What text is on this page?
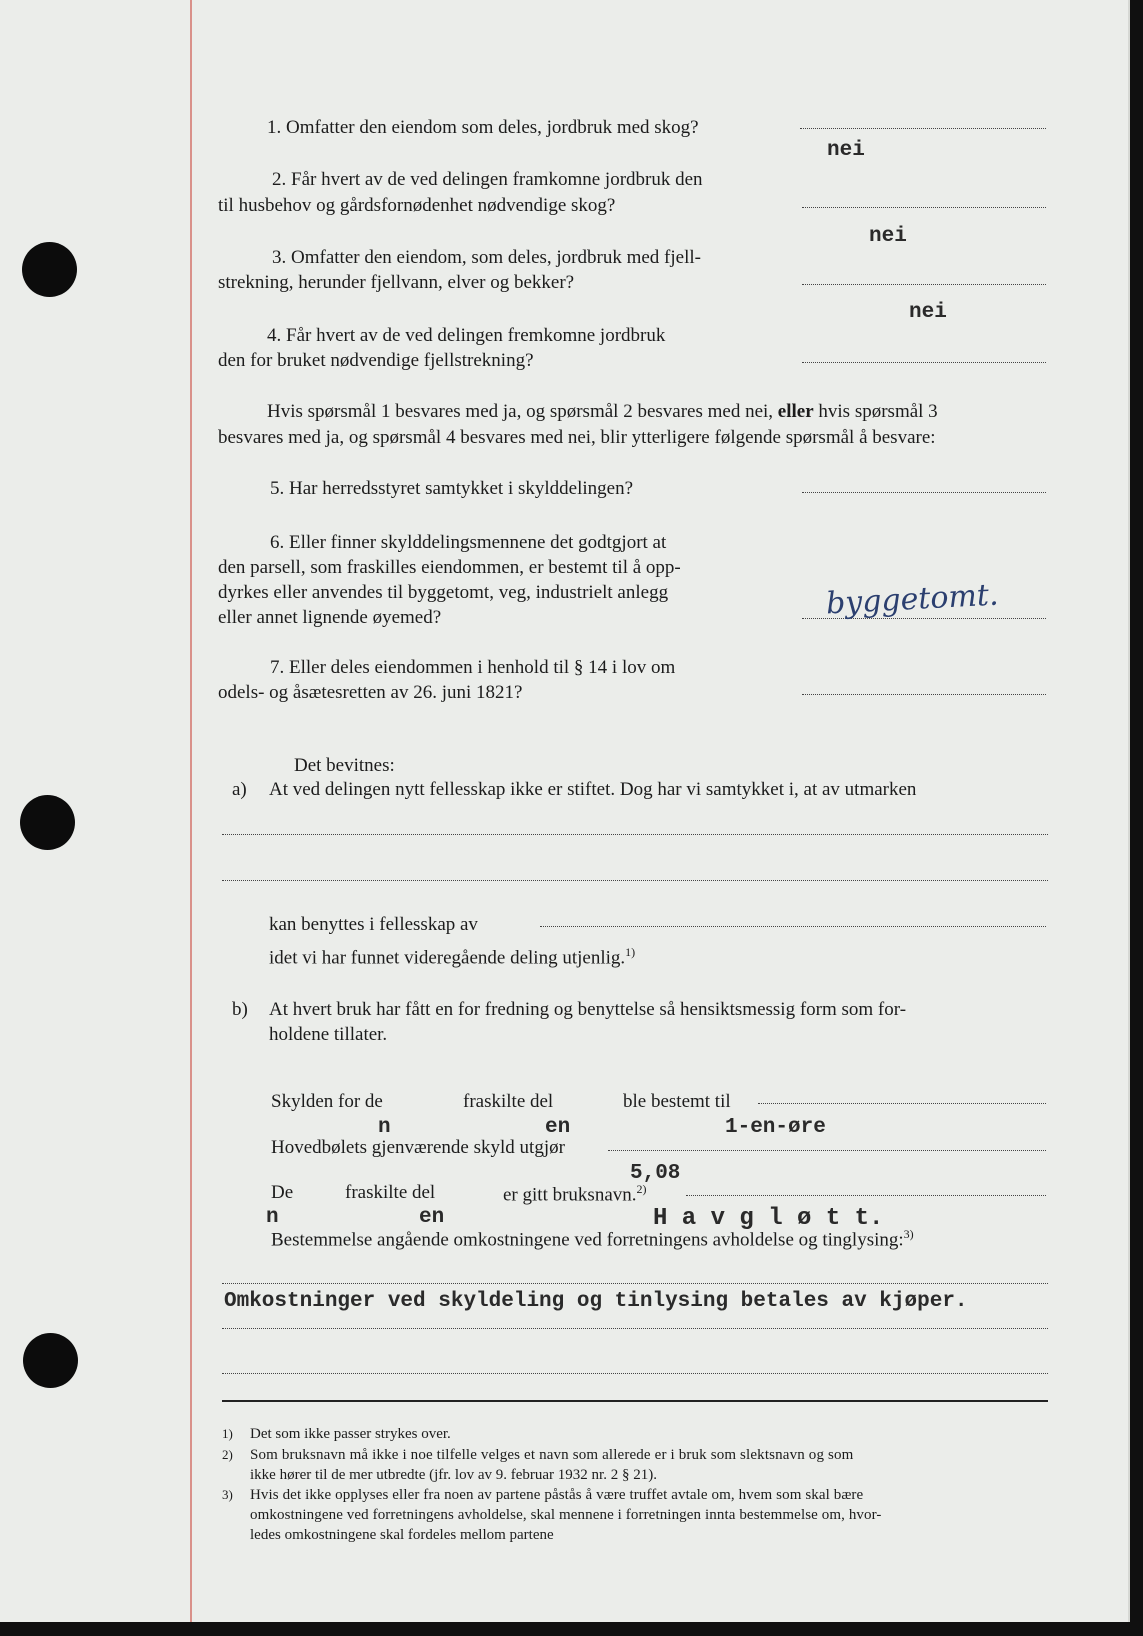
1. Omfatter den eiendom som deles, jordbruk med skog?
nei
2. Får hvert av de ved delingen framkomne jordbruk den
til husbehov og gårdsfornødenhet nødvendige skog?
nei
3. Omfatter den eiendom, som deles, jordbruk med fjell-
strekning, herunder fjellvann, elver og bekker?
nei
4. Får hvert av de ved delingen fremkomne jordbruk
den for bruket nødvendige fjellstrekning?
Hvis spørsmål 1 besvares med ja, og spørsmål 2 besvares med nei, eller hvis spørsmål 3
besvares med ja, og spørsmål 4 besvares med nei, blir ytterligere følgende spørsmål å besvare:
5. Har herredsstyret samtykket i skylddelingen?
6. Eller finner skylddelingsmennene det godtgjort at
den parsell, som fraskilles eiendommen, er bestemt til å opp-
dyrkes eller anvendes til byggetomt, veg, industrielt anlegg
eller annet lignende øyemed?	byggetomt.
7. Eller deles eiendommen i henhold til § 14 i lov om
odels- og åsætesretten av 26. juni 1821?
Det bevitnes:
a) At ved delingen nytt fellesskap ikke er stiftet. Dog har vi samtykket i, at av utmarken
kan benyttes i fellesskap av
idet vi har funnet videregående deling utjenlig.$^{1)}$
b) At hvert bruk har fått en for fredning og benyttelse så hensiktsmessig form som for-
holdene tillater.
Skylden for de	fraskilte del	ble bestemt til
n	en	1-en-øre
Hovedbølets gjenværende skyld utgjør
5,08
De	fraskilte del	er gitt bruksnavn.$^{2)}$
n	en	H a v g l ø t t.
Bestemmelse angående omkostningene ved forretningens avholdelse og tinglysing:$^{3)}$
Omkostninger ved skyldeling og tinlysing betales av kjøper.
1) Det som ikke passer strykes over.
2) Som bruksnavn må ikke i noe tilfelle velges et navn som allerede er i bruk som slektsnavn og som
ikke hører til de mer utbredte (jfr. lov av 9. februar 1932 nr. 2 § 21).
3) Hvis det ikke opplyses eller fra noen av partene påstås å være truffet avtale om, hvem som skal bære
omkostningene ved forretningens avholdelse, skal mennene i forretningen innta bestemmelse om, hvor-
ledes omkostningene skal fordeles mellom partene
